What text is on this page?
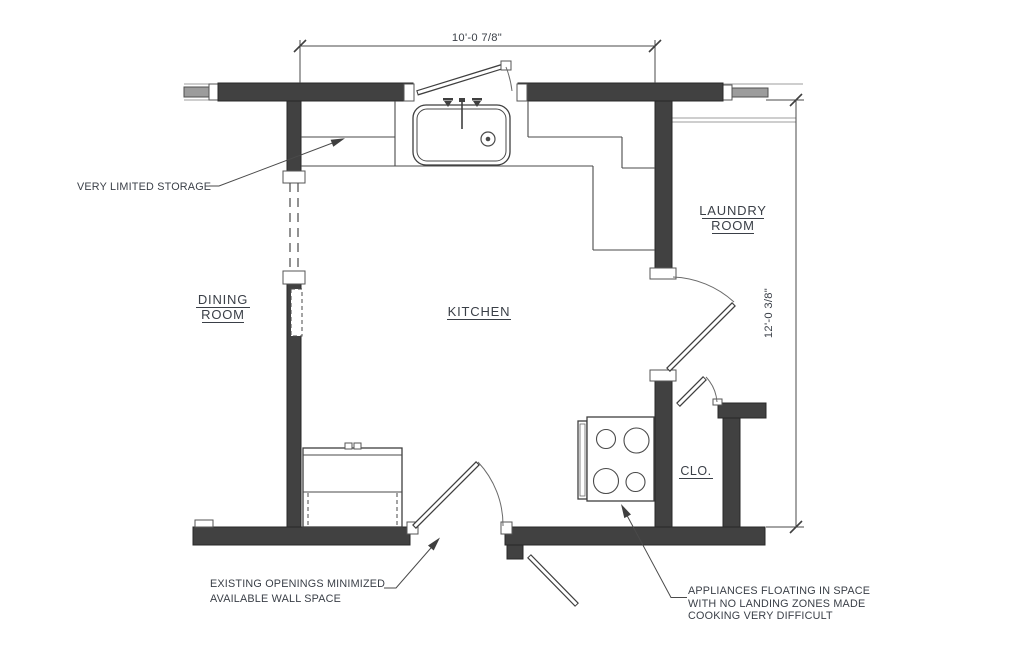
10'-0 7/8"
12'-0 3/8"
DINING
ROOM	KITCHEN
LAUNDRY
ROOM
CLO.
VERY LIMITED STORAGE
EXISTING OPENINGS MINIMIZED
AVAILABLE WALL SPACE
APPLIANCES FLOATING IN SPACE
WITH NO LANDING ZONES MADE
COOKING VERY DIFFICULT
